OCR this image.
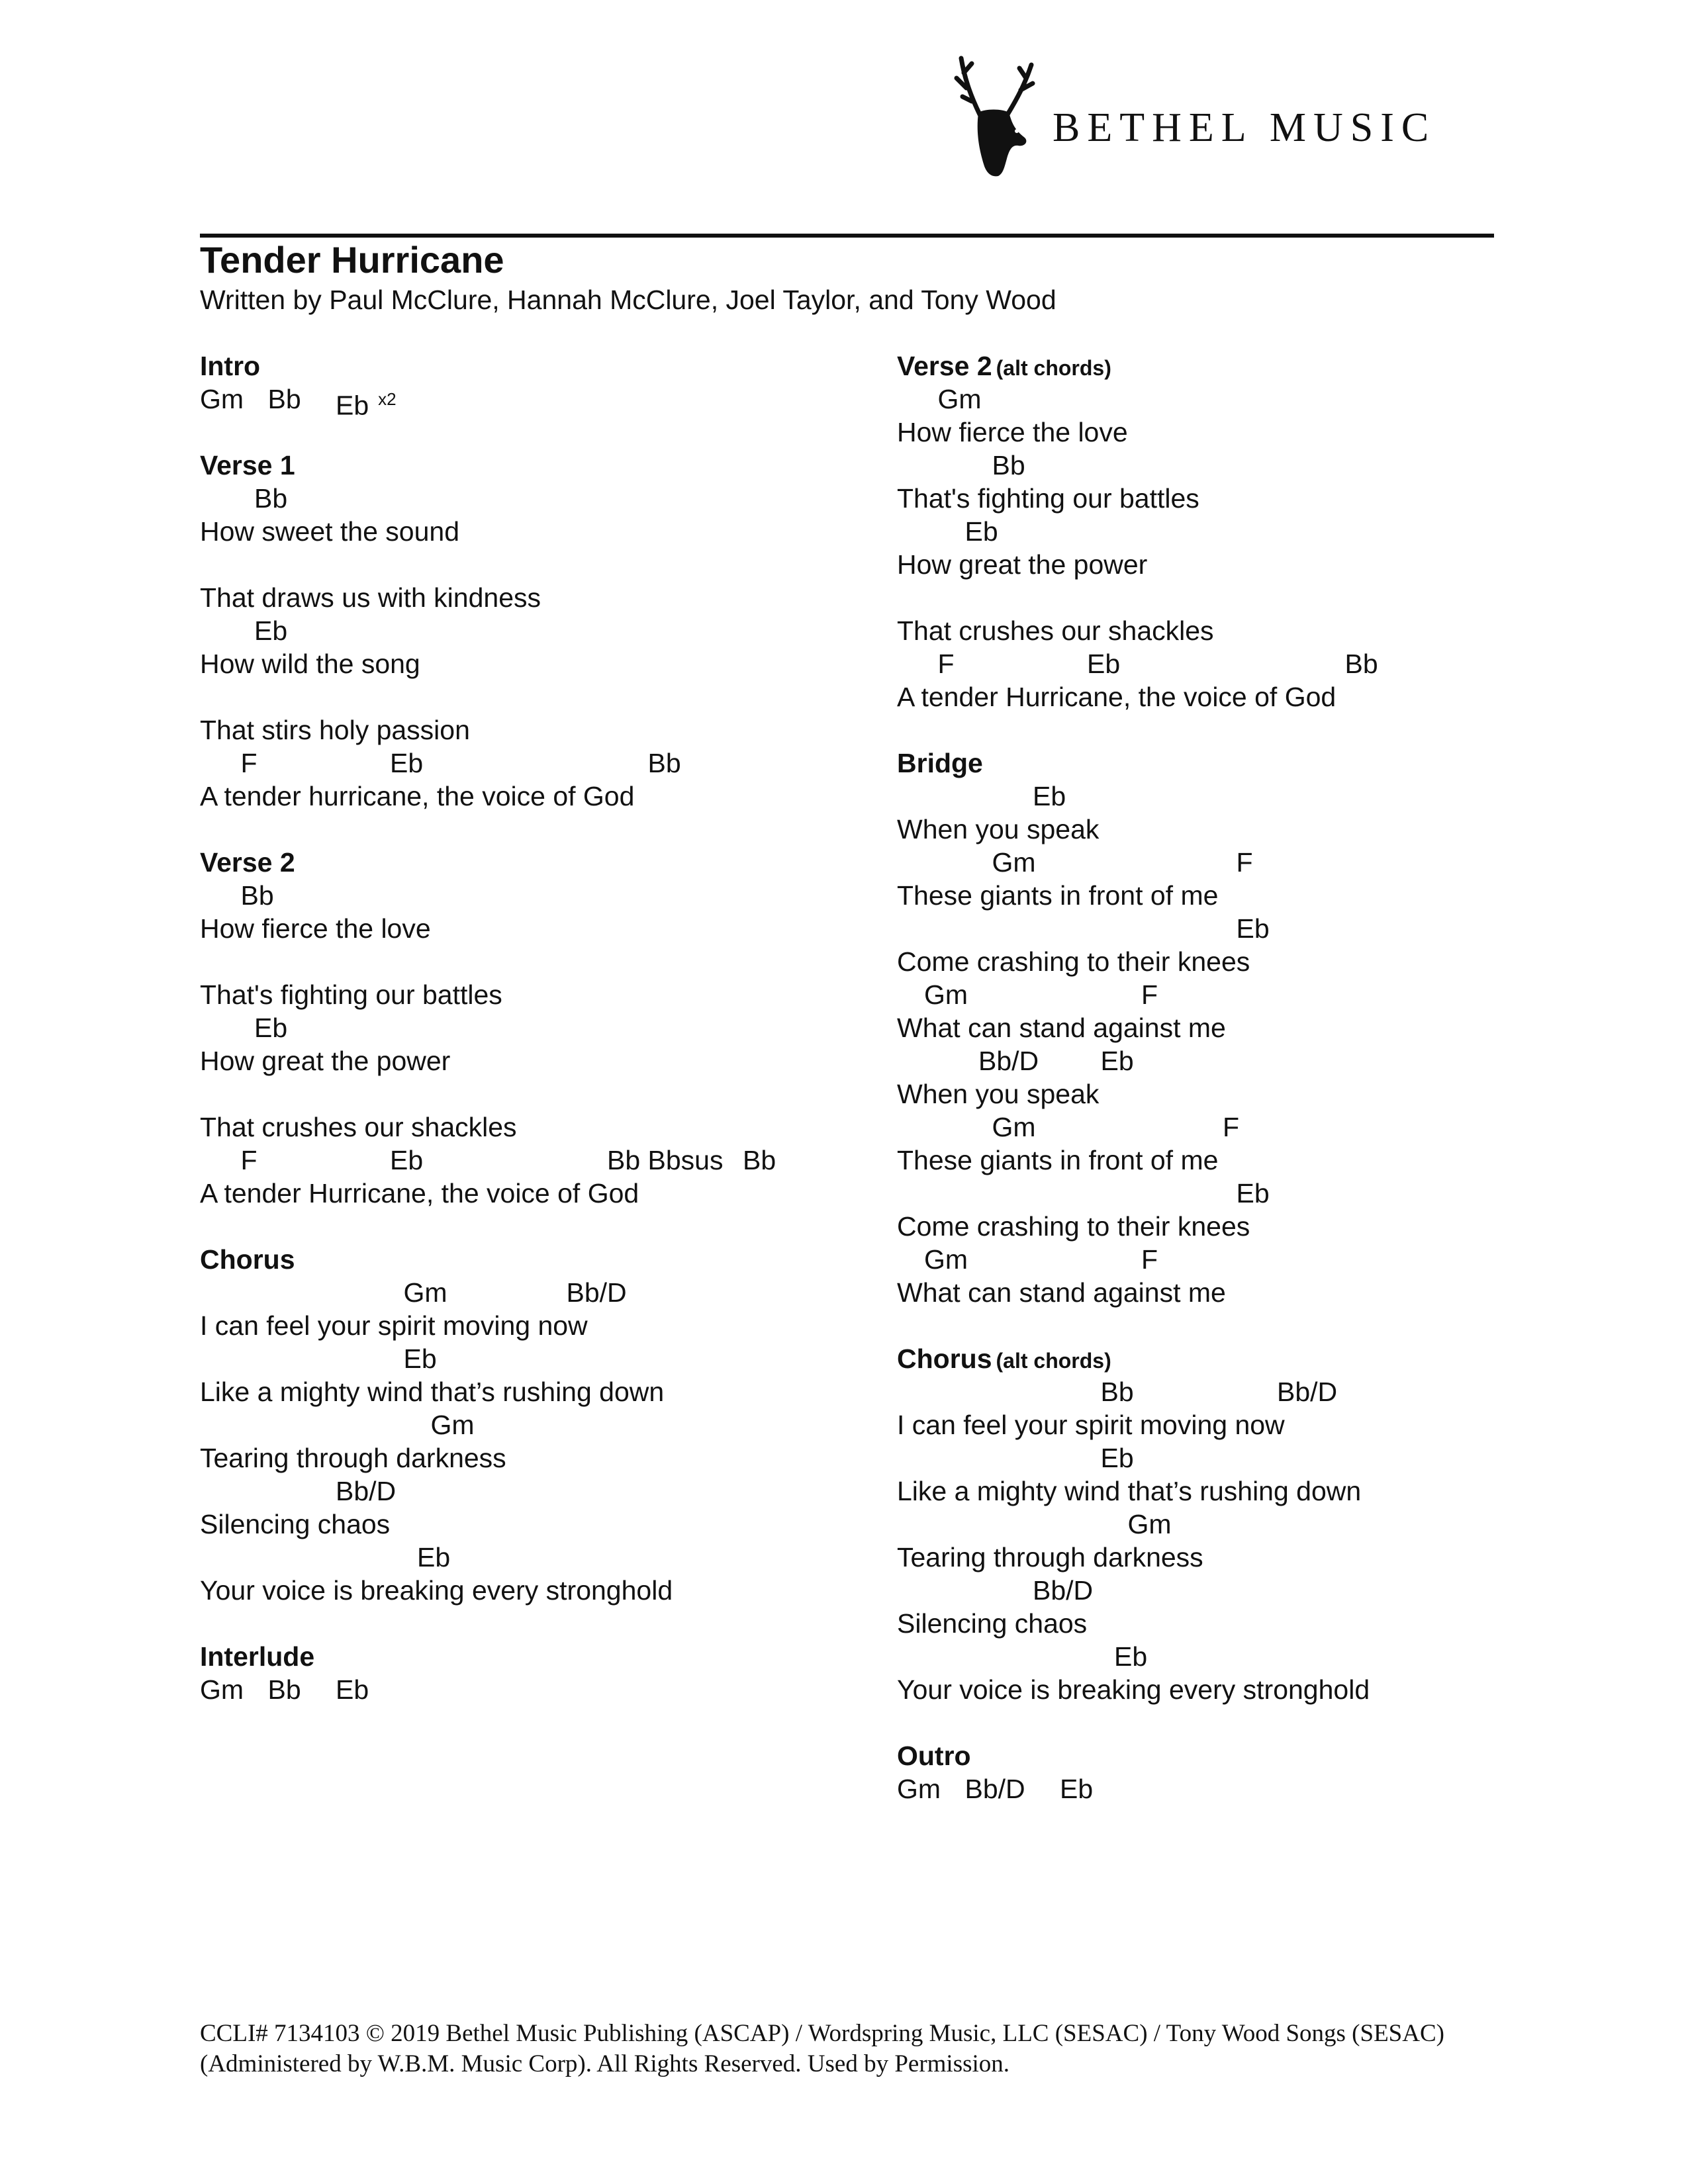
BETHEL MUSIC
Tender Hurricane
Written by Paul McClure, Hannah McClure, Joel Taylor, and Tony Wood
Intro
Gm Bb Eb $^{x2}$
Verse 1
Bb
How sweet the sound
That draws us with kindness
Eb
How wild the song
That stirs holy passion
F	Eb	Bb
A tender hurricane, the voice of God
Verse 2
Bb
How fierce the love
That's fighting our battles
Eb
How great the power
That crushes our shackles
F	Eb	Bb Bbsus Bb
A tender Hurricane, the voice of God
Chorus
Gm	Bb/D
I can feel your spirit moving now
Eb
Like a mighty wind that’s rushing down
Gm
Tearing through darkness
Bb/D
Silencing chaos
Eb
Your voice is breaking every stronghold
Interlude
Gm Bb Eb
Verse 2 (alt chords)
Gm
How fierce the love
Bb
That's fighting our battles
Eb
How great the power
That crushes our shackles
F	Eb	Bb
A tender Hurricane, the voice of God
Bridge
Eb
When you speak
Gm	F
These giants in front of me
Eb
Come crashing to their knees
Gm	F
What can stand against me
Bb/D Eb
When you speak
Gm	F
These giants in front of me
Eb
Come crashing to their knees
Gm	F
What can stand against me
Chorus (alt chords)
Bb	Bb/D
I can feel your spirit moving now
Eb
Like a mighty wind that’s rushing down
Gm
Tearing through darkness
Bb/D
Silencing chaos
Eb
Your voice is breaking every stronghold
Outro
Gm Bb/D Eb
CCLI# 7134103 © 2019 Bethel Music Publishing (ASCAP) / Wordspring Music, LLC (SESAC) / Tony Wood Songs (SESAC) (Administered by W.B.M. Music Corp). All Rights Reserved. Used by Permission.
